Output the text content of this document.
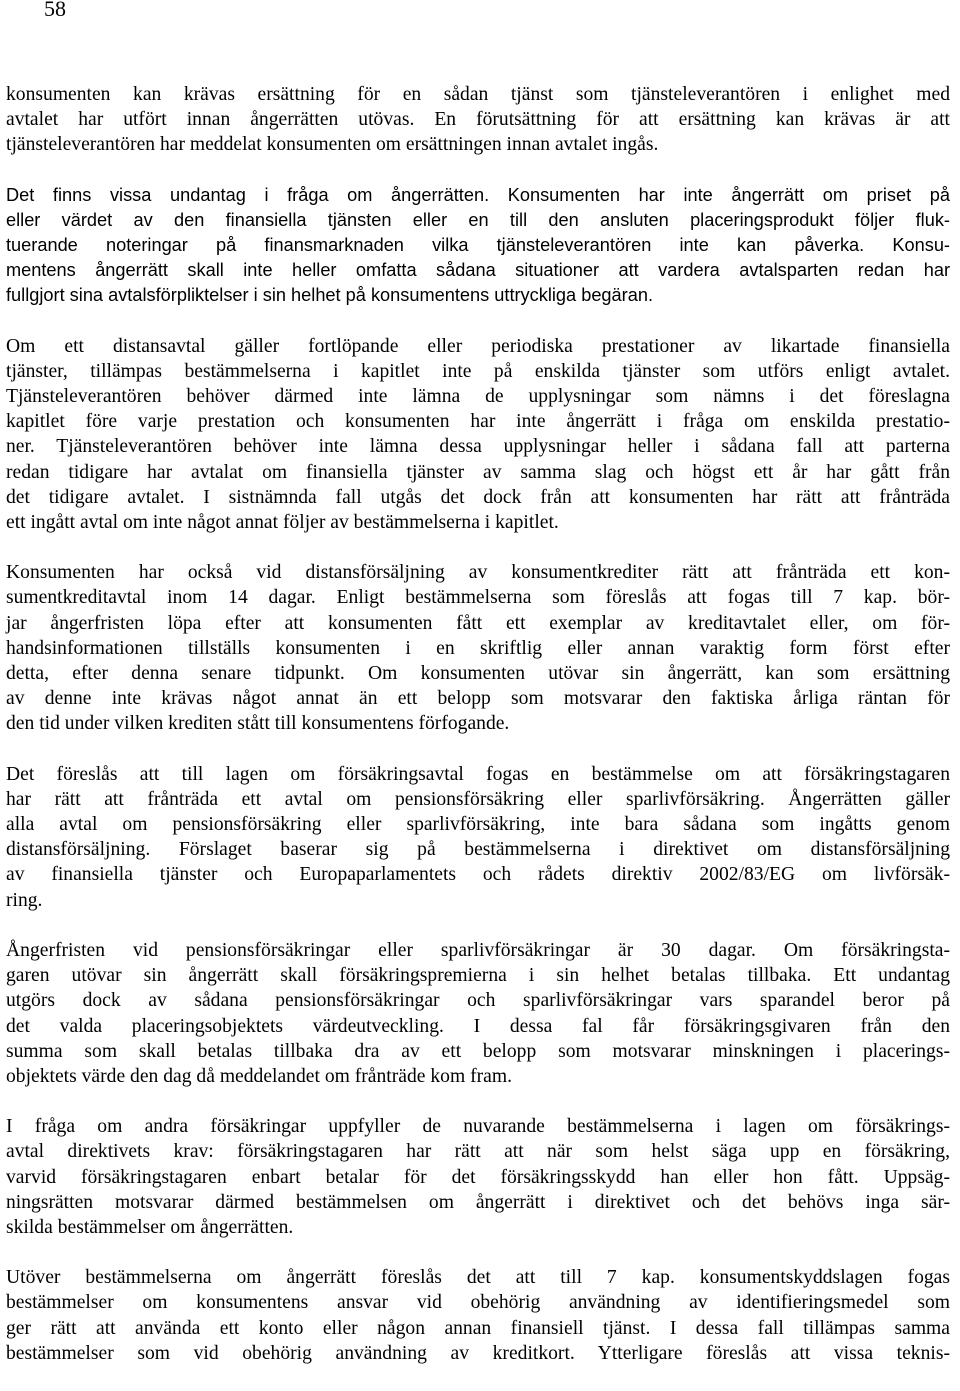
58

konsumenten kan krävas ersättning för en sådan tjänst som tjänsteleverantören i enlighet med
avtalet har utfört innan ångerrätten utövas. En förutsättning för att ersättning kan krävas är att
tjänsteleverantören har meddelat konsumenten om ersättningen innan avtalet ingås.

Det finns vissa undantag i fråga om ångerrätten. Konsumenten har inte ångerrätt om priset på
eller värdet av den finansiella tjänsten eller en till den ansluten placeringsprodukt följer fluk-
tuerande noteringar på finansmarknaden vilka tjänsteleverantören inte kan påverka. Konsu-
mentens ångerrätt skall inte heller omfatta sådana situationer att vardera avtalsparten redan har
fullgjort sina avtalsförpliktelser i sin helhet på konsumentens uttryckliga begäran.

Om ett distansavtal gäller fortlöpande eller periodiska prestationer av likartade finansiella
tjänster, tillämpas bestämmelserna i kapitlet inte på enskilda tjänster som utförs enligt avtalet.
Tjänsteleverantören behöver därmed inte lämna de upplysningar som nämns i det föreslagna
kapitlet före varje prestation och konsumenten har inte ångerrätt i fråga om enskilda prestatio-
ner. Tjänsteleverantören behöver inte lämna dessa upplysningar heller i sådana fall att parterna
redan tidigare har avtalat om finansiella tjänster av samma slag och högst ett år har gått från
det tidigare avtalet. I sistnämnda fall utgås det dock från att konsumenten har rätt att frånträda
ett ingått avtal om inte något annat följer av bestämmelserna i kapitlet.

Konsumenten har också vid distansförsäljning av konsumentkrediter rätt att frånträda ett kon-
sumentkreditavtal inom 14 dagar. Enligt bestämmelserna som föreslås att fogas till 7 kap. bör-
jar ångerfristen löpa efter att konsumenten fått ett exemplar av kreditavtalet eller, om för-
handsinformationen tillställs konsumenten i en skriftlig eller annan varaktig form först efter
detta, efter denna senare tidpunkt. Om konsumenten utövar sin ångerrätt, kan som ersättning
av denne inte krävas något annat än ett belopp som motsvarar den faktiska årliga räntan för
den tid under vilken krediten stått till konsumentens förfogande.

Det föreslås att till lagen om försäkringsavtal fogas en bestämmelse om att försäkringstagaren
har rätt att frånträda ett avtal om pensionsförsäkring eller sparlivförsäkring. Ångerrätten gäller
alla avtal om pensionsförsäkring eller sparlivförsäkring, inte bara sådana som ingåtts genom
distansförsäljning. Förslaget baserar sig på bestämmelserna i direktivet om distansförsäljning
av finansiella tjänster och Europaparlamentets och rådets direktiv 2002/83/EG om livförsäk-
ring.

Ångerfristen vid pensionsförsäkringar eller sparlivförsäkringar är 30 dagar. Om försäkringsta-
garen utövar sin ångerrätt skall försäkringspremierna i sin helhet betalas tillbaka. Ett undantag
utgörs dock av sådana pensionsförsäkringar och sparlivförsäkringar vars sparandel beror på
det valda placeringsobjektets värdeutveckling. I dessa fal får försäkringsgivaren från den
summa som skall betalas tillbaka dra av ett belopp som motsvarar minskningen i placerings-
objektets värde den dag då meddelandet om frånträde kom fram.

I fråga om andra försäkringar uppfyller de nuvarande bestämmelserna i lagen om försäkrings-
avtal direktivets krav: försäkringstagaren har rätt att när som helst säga upp en försäkring,
varvid försäkringstagaren enbart betalar för det försäkringsskydd han eller hon fått. Uppsäg-
ningsrätten motsvarar därmed bestämmelsen om ångerrätt i direktivet och det behövs inga sär-
skilda bestämmelser om ångerrätten.

Utöver bestämmelserna om ångerrätt föreslås det att till 7 kap. konsumentskyddslagen fogas
bestämmelser om konsumentens ansvar vid obehörig användning av identifieringsmedel som
ger rätt att använda ett konto eller någon annan finansiell tjänst. I dessa fall tillämpas samma
bestämmelser som vid obehörig användning av kreditkort. Ytterligare föreslås att vissa teknis-
